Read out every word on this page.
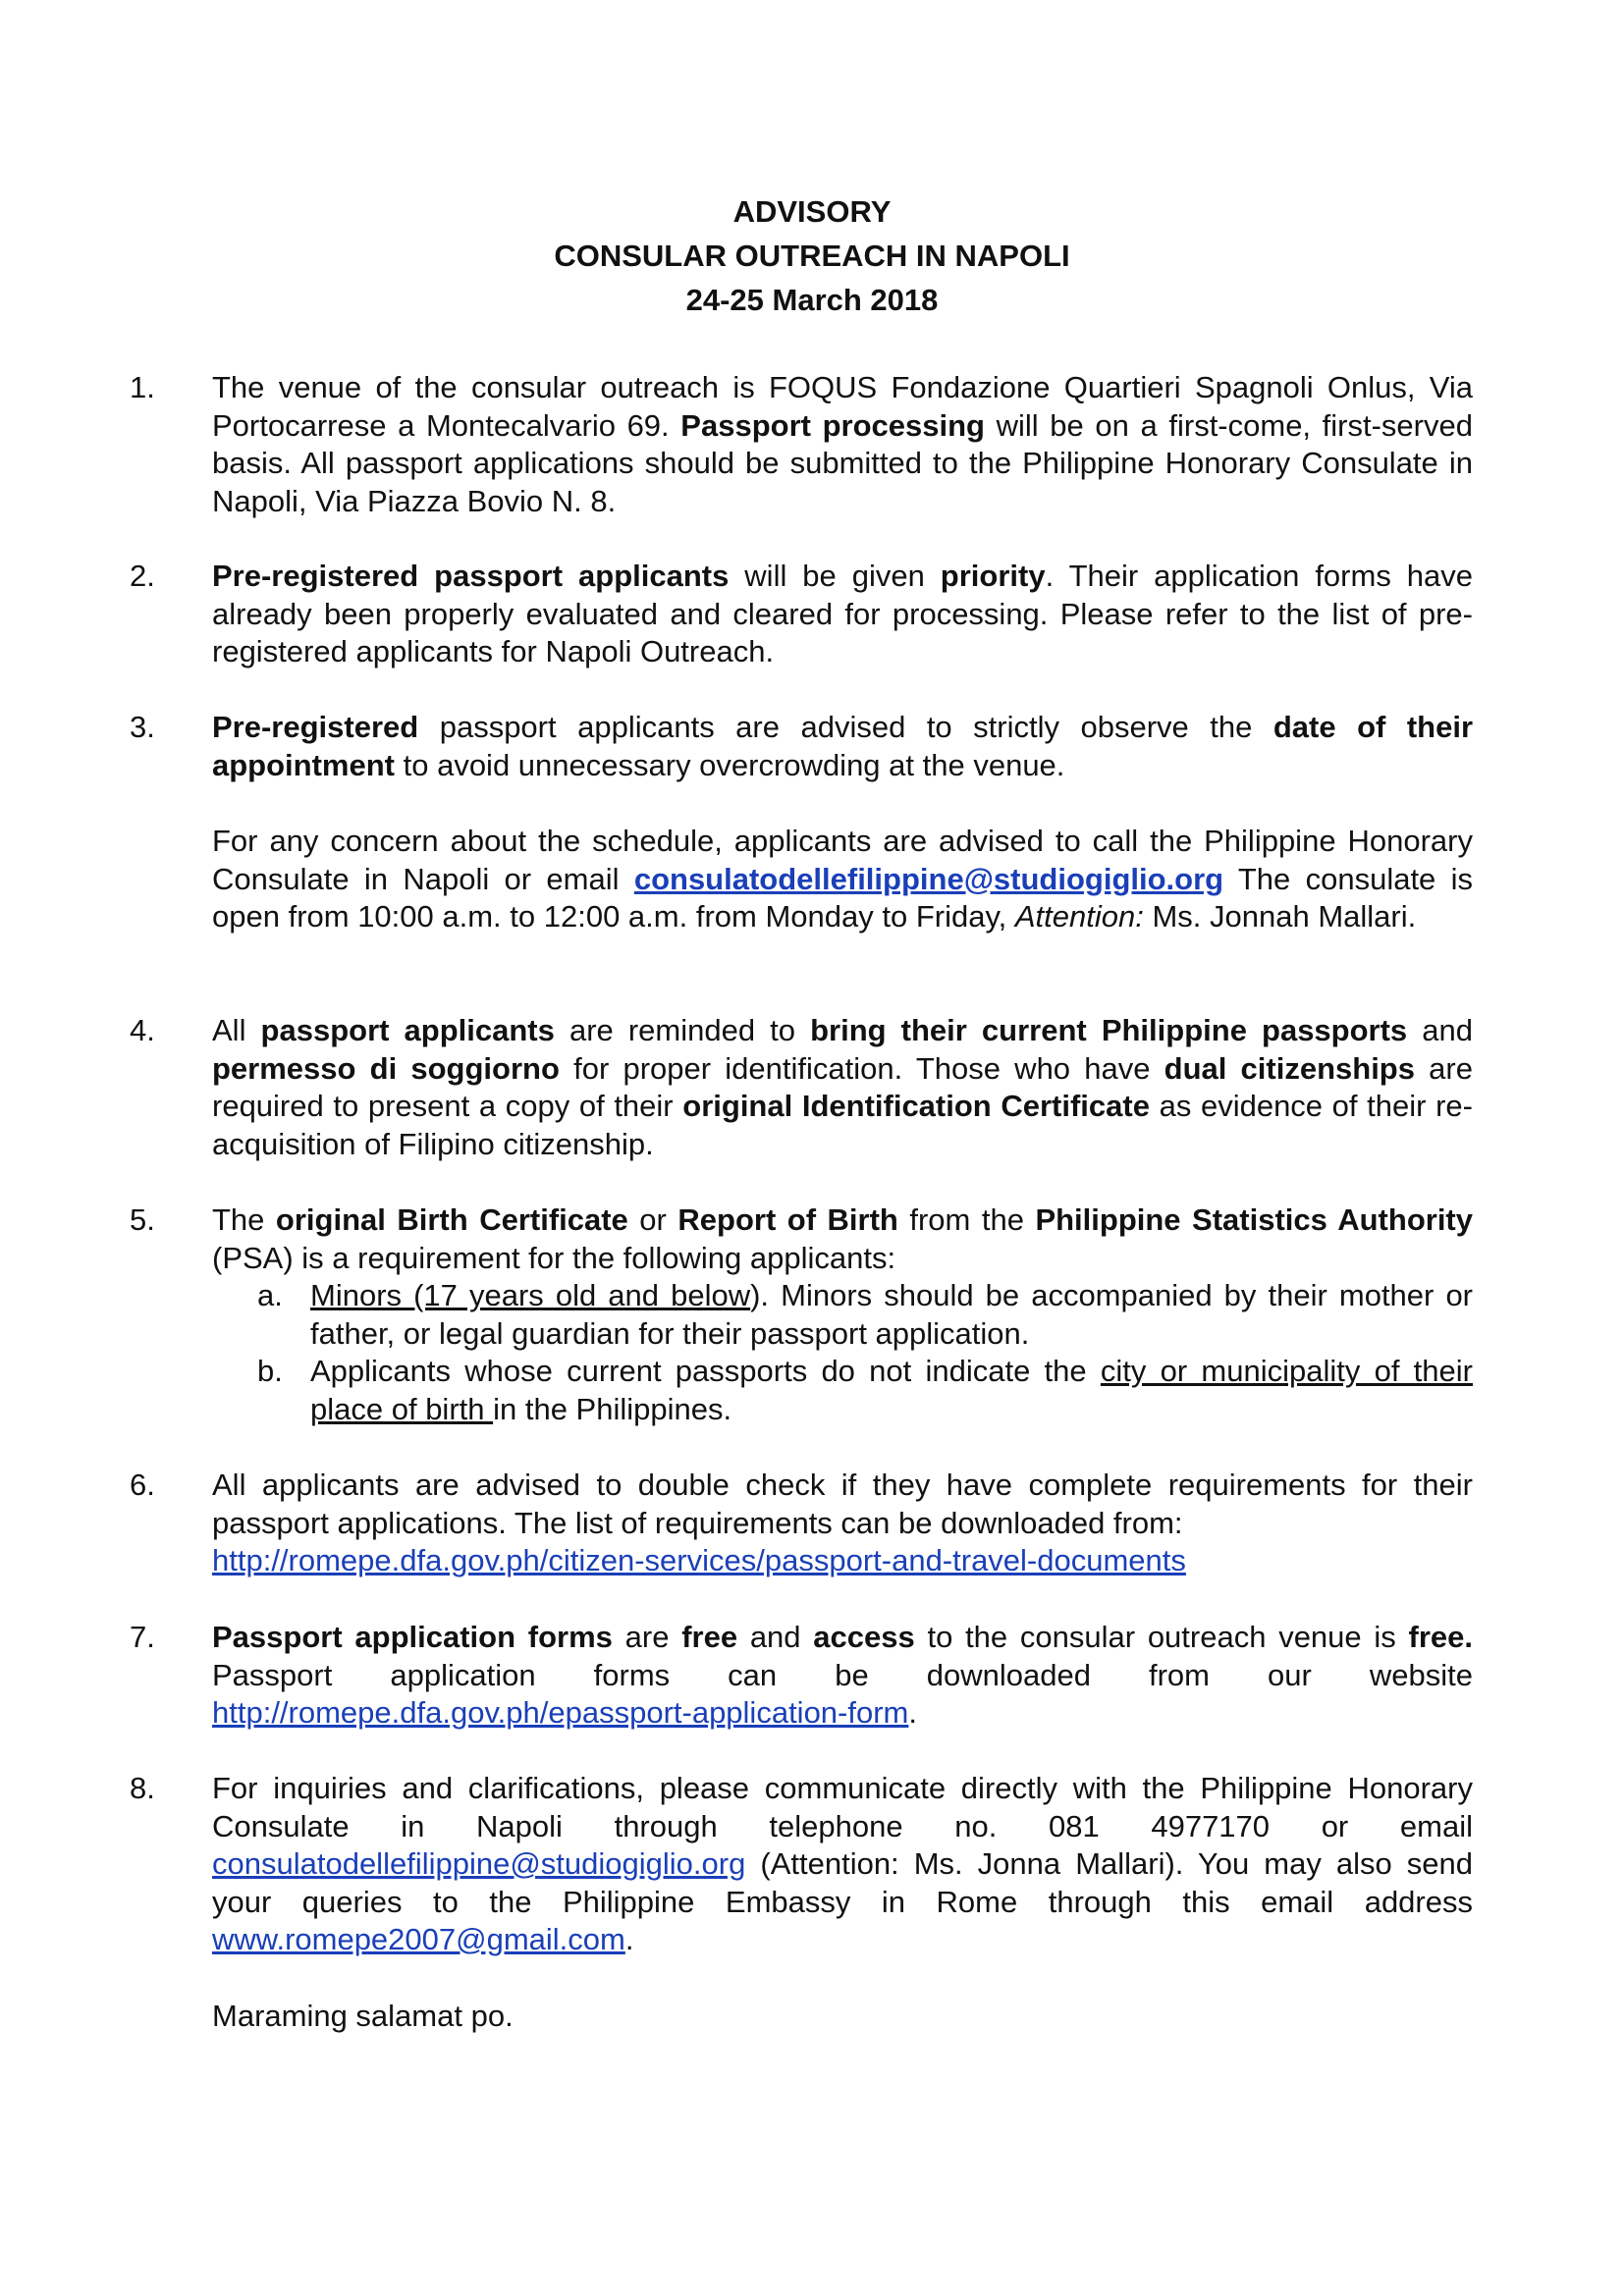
ADVISORY
CONSULAR OUTREACH IN NAPOLI
24-25 March 2018
1.	The venue of the consular outreach is FOQUS Fondazione Quartieri Spagnoli Onlus, Via Portocarrese a Montecalvario 69. Passport processing will be on a first-come, first-served basis. All passport applications should be submitted to the Philippine Honorary Consulate in Napoli, Via Piazza Bovio N. 8.
2.	Pre-registered passport applicants will be given priority. Their application forms have already been properly evaluated and cleared for processing. Please refer to the list of pre-registered applicants for Napoli Outreach.
3.	Pre-registered passport applicants are advised to strictly observe the date of their appointment to avoid unnecessary overcrowding at the venue.
For any concern about the schedule, applicants are advised to call the Philippine Honorary Consulate in Napoli or email consulatodellefilippine@studiogiglio.org The consulate is open from 10:00 a.m. to 12:00 a.m. from Monday to Friday, Attention: Ms. Jonnah Mallari.
4.	All passport applicants are reminded to bring their current Philippine passports and permesso di soggiorno for proper identification. Those who have dual citizenships are required to present a copy of their original Identification Certificate as evidence of their re-acquisition of Filipino citizenship.
5.	The original Birth Certificate or Report of Birth from the Philippine Statistics Authority (PSA) is a requirement for the following applicants:
a. Minors (17 years old and below). Minors should be accompanied by their mother or father, or legal guardian for their passport application.
b. Applicants whose current passports do not indicate the city or municipality of their place of birth in the Philippines.
6.	All applicants are advised to double check if they have complete requirements for their passport applications. The list of requirements can be downloaded from:
http://romepe.dfa.gov.ph/citizen-services/passport-and-travel-documents
7.	Passport application forms are free and access to the consular outreach venue is free. Passport application forms can be downloaded from our website http://romepe.dfa.gov.ph/epassport-application-form.
8.	For inquiries and clarifications, please communicate directly with the Philippine Honorary Consulate in Napoli through telephone no. 081 4977170 or email consulatodellefilippine@studiogiglio.org (Attention: Ms. Jonna Mallari). You may also send your queries to the Philippine Embassy in Rome through this email address www.romepe2007@gmail.com.
Maraming salamat po.
